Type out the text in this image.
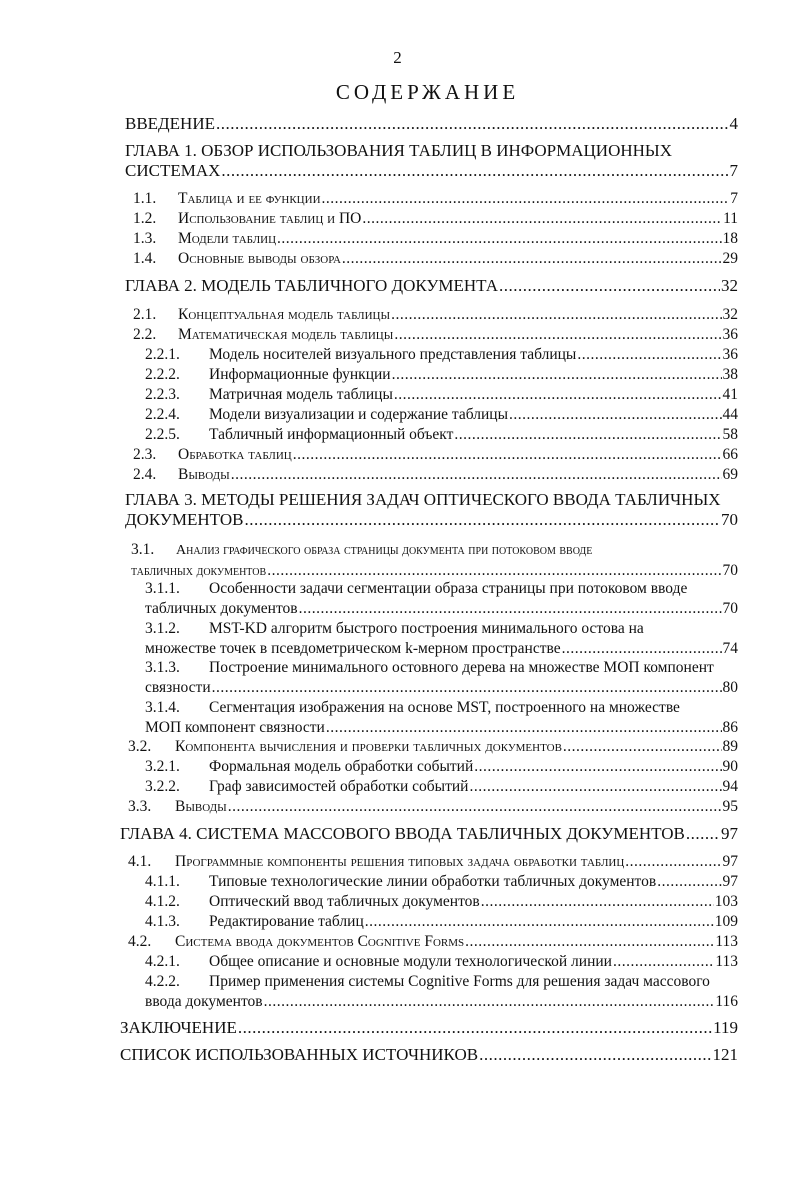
2
СОДЕРЖАНИЕ
ВВЕДЕНИЕ .....	4
ГЛАВА 1. ОБЗОР ИСПОЛЬЗОВАНИЯ ТАБЛИЦ В ИНФОРМАЦИОННЫХ
СИСТЕМАХ .....	7
1.1.	Таблица и ее функции .....	7
1.2.	Использование таблиц и ПО .....	11
1.3.	Модели таблиц .....	18
1.4.	Основные выводы обзора .....	29
ГЛАВА 2. МОДЕЛЬ ТАБЛИЧНОГО ДОКУМЕНТА .....	32
2.1.	Концептуальная модель таблицы .....	32
2.2.	Математическая модель таблицы .....	36
2.2.1.	Модель носителей визуального представления таблицы .....	36
2.2.2.	Информационные функции .....	38
2.2.3.	Матричная модель таблицы .....	41
2.2.4.	Модели визуализации и содержание таблицы .....	44
2.2.5.	Табличный информационный объект .....	58
2.3.	Обработка таблиц .....	66
2.4.	Выводы .....	69
ГЛАВА 3. МЕТОДЫ РЕШЕНИЯ ЗАДАЧ ОПТИЧЕСКОГО ВВОДА ТАБЛИЧНЫХ
ДОКУМЕНТОВ .....	70
3.1.	Анализ графического образа страницы документа при потоковом вводе
табличных документов .....	70
3.1.1.	Особенности задачи сегментации образа страницы при потоковом вводе
табличных документов .....	70
3.1.2.	MST-KD алгоритм быстрого построения минимального остова на
множестве точек в псевдометрическом k-мерном пространстве .....	74
3.1.3.	Построение минимального остовного дерева на множестве МОП компонент
связности .....	80
3.1.4.	Сегментация изображения на основе MST, построенного на множестве
МОП компонент связности .....	86
3.2.	Компонента вычисления и проверки табличных документов .....	89
3.2.1.	Формальная модель обработки событий .....	90
3.2.2.	Граф зависимостей обработки событий .....	94
3.3.	Выводы .....	95
ГЛАВА 4. СИСТЕМА МАССОВОГО ВВОДА ТАБЛИЧНЫХ ДОКУМЕНТОВ ..... 97
4.1.	Программные компоненты решения типовых задача обработки таблиц .....	97
4.1.1.	Типовые технологические линии обработки табличных документов .....	97
4.1.2.	Оптический ввод табличных документов .....	103
4.1.3.	Редактирование таблиц .....	109
4.2.	Система ввода документов Cognitive Forms .....	113
4.2.1.	Общее описание и основные модули технологической линии .....	113
4.2.2.	Пример применения системы Cognitive Forms для решения задач массового
ввода документов .....	116
ЗАКЛЮЧЕНИЕ .....	119
СПИСОК ИСПОЛЬЗОВАННЫХ ИСТОЧНИКОВ .....	121
